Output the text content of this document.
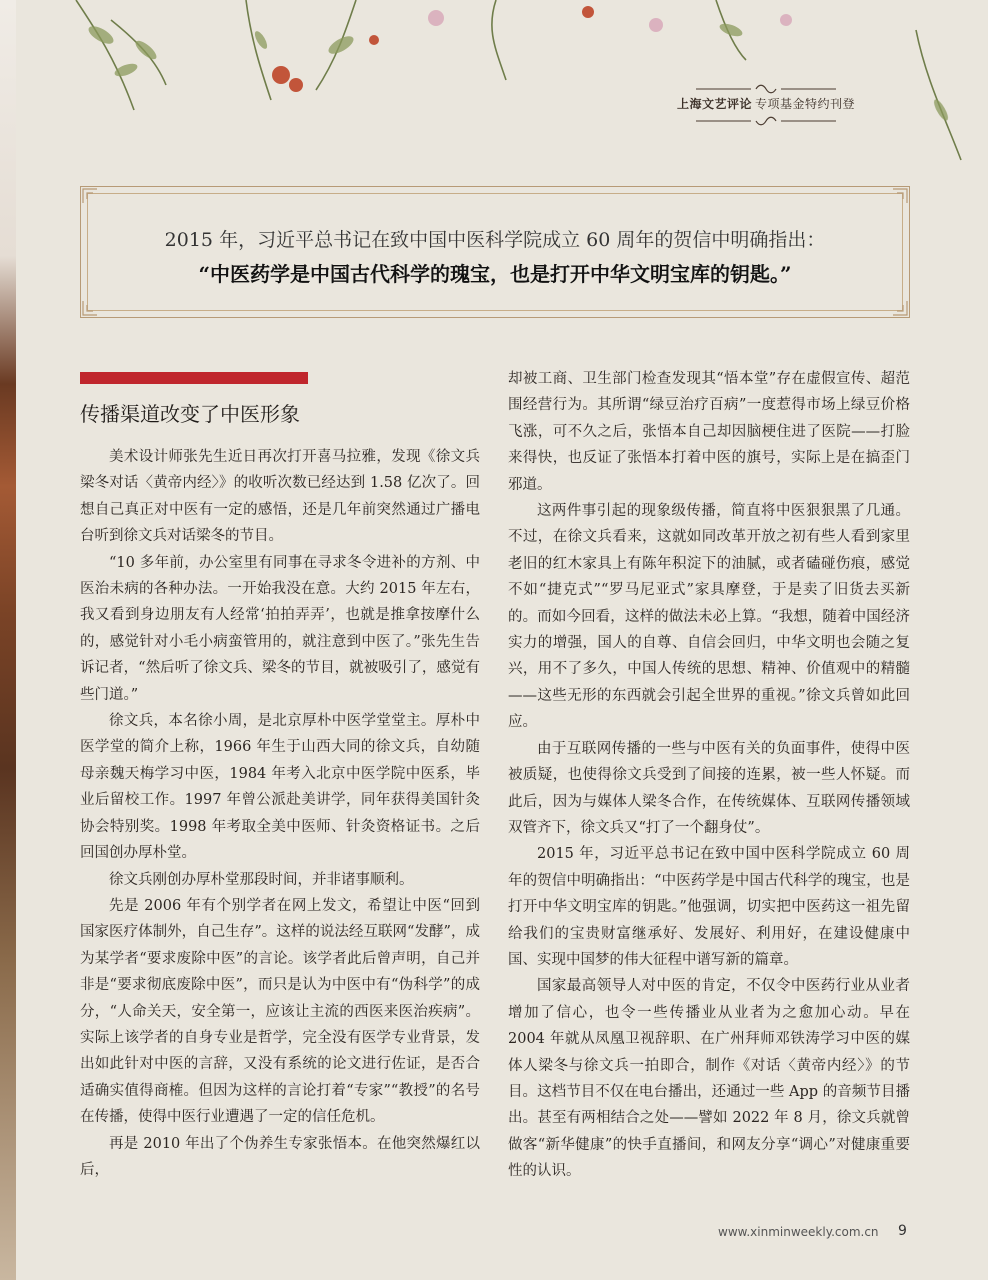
上海文艺评论 专项基金特约刊登
2015 年，习近平总书记在致中国中医科学院成立 60 周年的贺信中明确指出：
“中医药学是中国古代科学的瑰宝，也是打开中华文明宝库的钥匙。”
传播渠道改变了中医形象

美术设计师张先生近日再次打开喜马拉雅，发现《徐文兵梁冬对话〈黄帝内经〉》的收听次数已经达到 1.58 亿次了。回想自己真正对中医有一定的感悟，还是几年前突然通过广播电台听到徐文兵对话梁冬的节目。

“10 多年前，办公室里有同事在寻求冬令进补的方剂、中医治未病的各种办法。一开始我没在意。大约 2015 年左右，我又看到身边朋友有人经常‘拍拍弄弄’，也就是推拿按摩什么的，感觉针对小毛小病蛮管用的，就注意到中医了。”张先生告诉记者，“然后听了徐文兵、梁冬的节目，就被吸引了，感觉有些门道。”

徐文兵，本名徐小周，是北京厚朴中医学堂堂主。厚朴中医学堂的简介上称，1966 年生于山西大同的徐文兵，自幼随母亲魏天梅学习中医，1984 年考入北京中医学院中医系，毕业后留校工作。1997 年曾公派赴美讲学，同年获得美国针灸协会特别奖。1998 年考取全美中医师、针灸资格证书。之后回国创办厚朴堂。

徐文兵刚创办厚朴堂那段时间，并非诸事顺利。

先是 2006 年有个别学者在网上发文，希望让中医“回到国家医疗体制外，自己生存”。这样的说法经互联网“发酵”，成为某学者“要求废除中医”的言论。该学者此后曾声明，自己并非是“要求彻底废除中医”，而只是认为中医中有“伪科学”的成分，“人命关天，安全第一，应该让主流的西医来医治疾病”。实际上该学者的自身专业是哲学，完全没有医学专业背景，发出如此针对中医的言辞，又没有系统的论文进行佐证，是否合适确实值得商榷。但因为这样的言论打着“专家”“教授”的名号在传播，使得中医行业遭遇了一定的信任危机。

再是 2010 年出了个伪养生专家张悟本。在他突然爆红以后，

却被工商、卫生部门检查发现其“悟本堂”存在虚假宣传、超范围经营行为。其所谓“绿豆治疗百病”一度惹得市场上绿豆价格飞涨，可不久之后，张悟本自己却因脑梗住进了医院——打脸来得快，也反证了张悟本打着中医的旗号，实际上是在搞歪门邪道。

这两件事引起的现象级传播，简直将中医狠狠黑了几通。不过，在徐文兵看来，这就如同改革开放之初有些人看到家里老旧的红木家具上有陈年积淀下的油腻，或者磕碰伤痕，感觉不如“捷克式”“罗马尼亚式”家具摩登，于是卖了旧货去买新的。而如今回看，这样的做法未必上算。“我想，随着中国经济实力的增强，国人的自尊、自信会回归，中华文明也会随之复兴，用不了多久，中国人传统的思想、精神、价值观中的精髓——这些无形的东西就会引起全世界的重视。”徐文兵曾如此回应。

由于互联网传播的一些与中医有关的负面事件，使得中医被质疑，也使得徐文兵受到了间接的连累，被一些人怀疑。而此后，因为与媒体人梁冬合作，在传统媒体、互联网传播领域双管齐下，徐文兵又“打了一个翻身仗”。

2015 年，习近平总书记在致中国中医科学院成立 60 周年的贺信中明确指出：“中医药学是中国古代科学的瑰宝，也是打开中华文明宝库的钥匙。”他强调，切实把中医药这一祖先留给我们的宝贵财富继承好、发展好、利用好，在建设健康中国、实现中国梦的伟大征程中谱写新的篇章。

国家最高领导人对中医的肯定，不仅令中医药行业从业者增加了信心，也令一些传播业从业者为之愈加心动。早在 2004 年就从凤凰卫视辞职、在广州拜师邓铁涛学习中医的媒体人梁冬与徐文兵一拍即合，制作《对话〈黄帝内经〉》的节目。这档节目不仅在电台播出，还通过一些 App 的音频节目播出。甚至有两相结合之处——譬如 2022 年 8 月，徐文兵就曾做客“新华健康”的快手直播间，和网友分享“调心”对健康重要性的认识。

www.xinminweekly.com.cn 9
